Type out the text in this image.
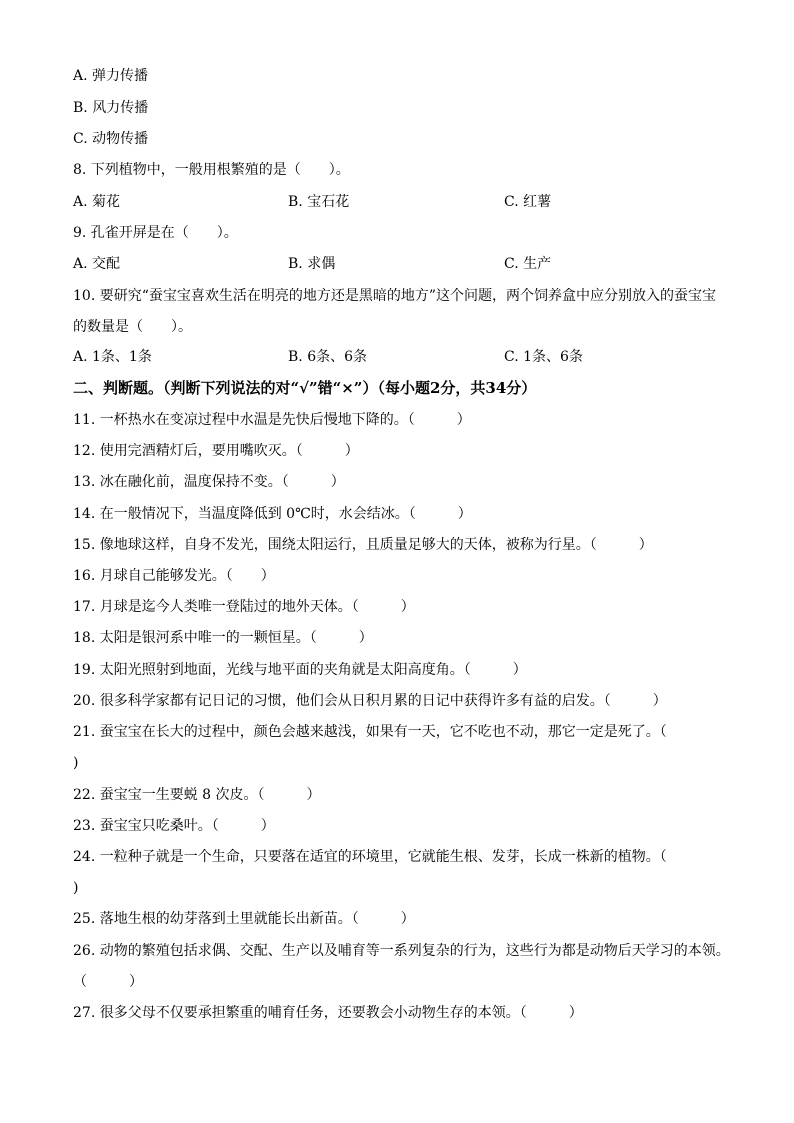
A. 弹力传播
B. 风力传播
C. 动物传播
8. 下列植物中，一般用根繁殖的是（　　）。
A. 菊花	B. 宝石花	C. 红薯
9. 孔雀开屏是在（　　）。
A. 交配	B. 求偶	C. 生产
10. 要研究“蚕宝宝喜欢生活在明亮的地方还是黑暗的地方”这个问题，两个饲养盒中应分别放入的蚕宝宝
的数量是（　　）。
A. 1条、1条	B. 6条、6条	C. 1条、6条
二、判断题。（判断下列说法的对“√”错“×”）（每小题2分，共34分）
11. 一杯热水在变凉过程中水温是先快后慢地下降的。（　　　）
12. 使用完酒精灯后，要用嘴吹灭。（　　　）
13. 冰在融化前，温度保持不变。（　　　）
14. 在一般情况下，当温度降低到 0℃时，水会结冰。（　　　）
15. 像地球这样，自身不发光，围绕太阳运行，且质量足够大的天体，被称为行星。（　　　）
16. 月球自己能够发光。（　　）
17. 月球是迄今人类唯一登陆过的地外天体。（　　　）
18. 太阳是银河系中唯一的一颗恒星。（　　　）
19. 太阳光照射到地面，光线与地平面的夹角就是太阳高度角。（　　　）
20. 很多科学家都有记日记的习惯，他们会从日积月累的日记中获得许多有益的启发。（　　　）
21. 蚕宝宝在长大的过程中，颜色会越来越浅，如果有一天，它不吃也不动，那它一定是死了。（
)
22. 蚕宝宝一生要蜕 8 次皮。（　　　）
23. 蚕宝宝只吃桑叶。（　　　）
24. 一粒种子就是一个生命，只要落在适宜的环境里，它就能生根、发芽，长成一株新的植物。（
)
25. 落地生根的幼芽落到土里就能长出新苗。（　　　）
26. 动物的繁殖包括求偶、交配、生产以及哺育等一系列复杂的行为，这些行为都是动物后天学习的本领。
（　　　）
27. 很多父母不仅要承担繁重的哺育任务，还要教会小动物生存的本领。（　　　）
